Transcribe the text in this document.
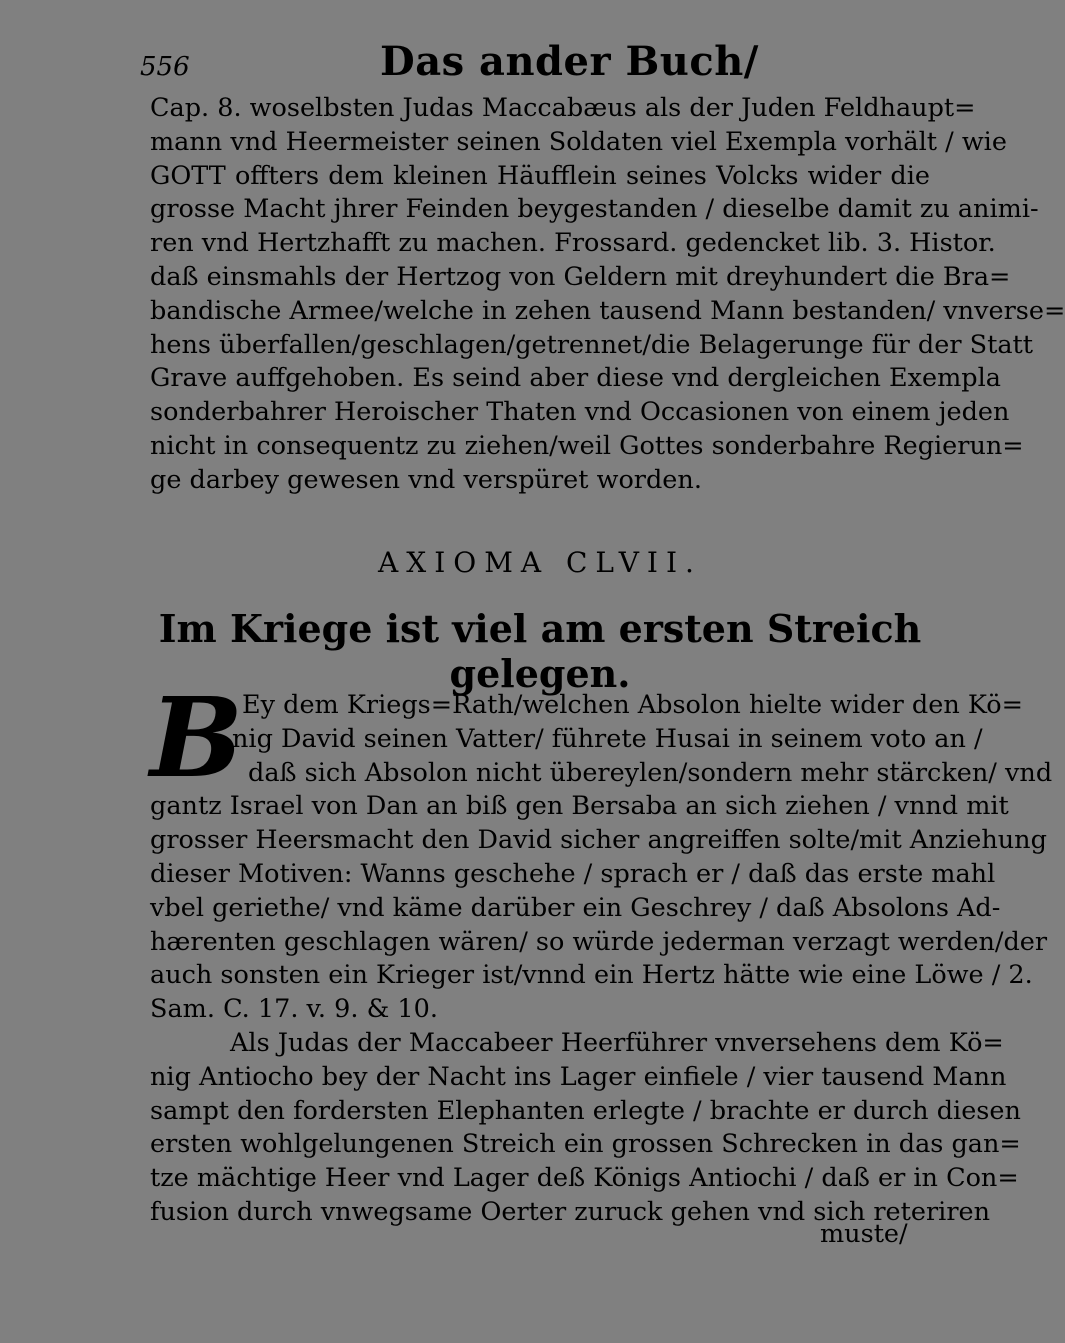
556	Das ander Buch/
Cap. 8. woselbsten Judas Maccabæus als der Juden Feldhaupt=
mann vnd Heermeister seinen Soldaten viel Exempla vorhält / wie
GOTT offters dem kleinen Häufflein seines Volcks wider die
grosse Macht jhrer Feinden beygestanden / dieselbe damit zu animi-
ren vnd Hertzhafft zu machen. Frossard. gedencket lib. 3. Histor.
daß einsmahls der Hertzog von Geldern mit dreyhundert die Bra=
bandische Armee/welche in zehen tausend Mann bestanden/ vnverse=
hens überfallen/geschlagen/getrennet/die Belagerunge für der Statt
Grave auffgehoben. Es seind aber diese vnd dergleichen Exempla
sonderbahrer Heroischer Thaten vnd Occasionen von einem jeden
nicht in consequentz zu ziehen/weil Gottes sonderbahre Regierun=
ge darbey gewesen vnd verspüret worden.
AXIOMA CLVII.
Im Kriege ist viel am ersten Streich gelegen.
B Ey dem Kriegs=Rath/welchen Absolon hielte wider den Kö=
nig David seinen Vatter/ führete Husai in seinem voto an /
daß sich Absolon nicht übereylen/sondern mehr stärcken/ vnd
gantz Israel von Dan an biß gen Bersaba an sich ziehen / vnnd mit
grosser Heersmacht den David sicher angreiffen solte/mit Anziehung
dieser Motiven: Wanns geschehe / sprach er / daß das erste mahl
vbel geriethe/ vnd käme darüber ein Geschrey / daß Absolons Ad-
hærenten geschlagen wären/ so würde jederman verzagt werden/der
auch sonsten ein Krieger ist/vnnd ein Hertz hätte wie eine Löwe / 2.
Sam. C. 17. v. 9. & 10.
Als Judas der Maccabeer Heerführer vnversehens dem Kö=
nig Antiocho bey der Nacht ins Lager einfiele / vier tausend Mann
sampt den fordersten Elephanten erlegte / brachte er durch diesen
ersten wohlgelungenen Streich ein grossen Schrecken in das gan=
tze mächtige Heer vnd Lager deß Königs Antiochi / daß er in Con=
fusion durch vnwegsame Oerter zuruck gehen vnd sich reteriren
muste/
